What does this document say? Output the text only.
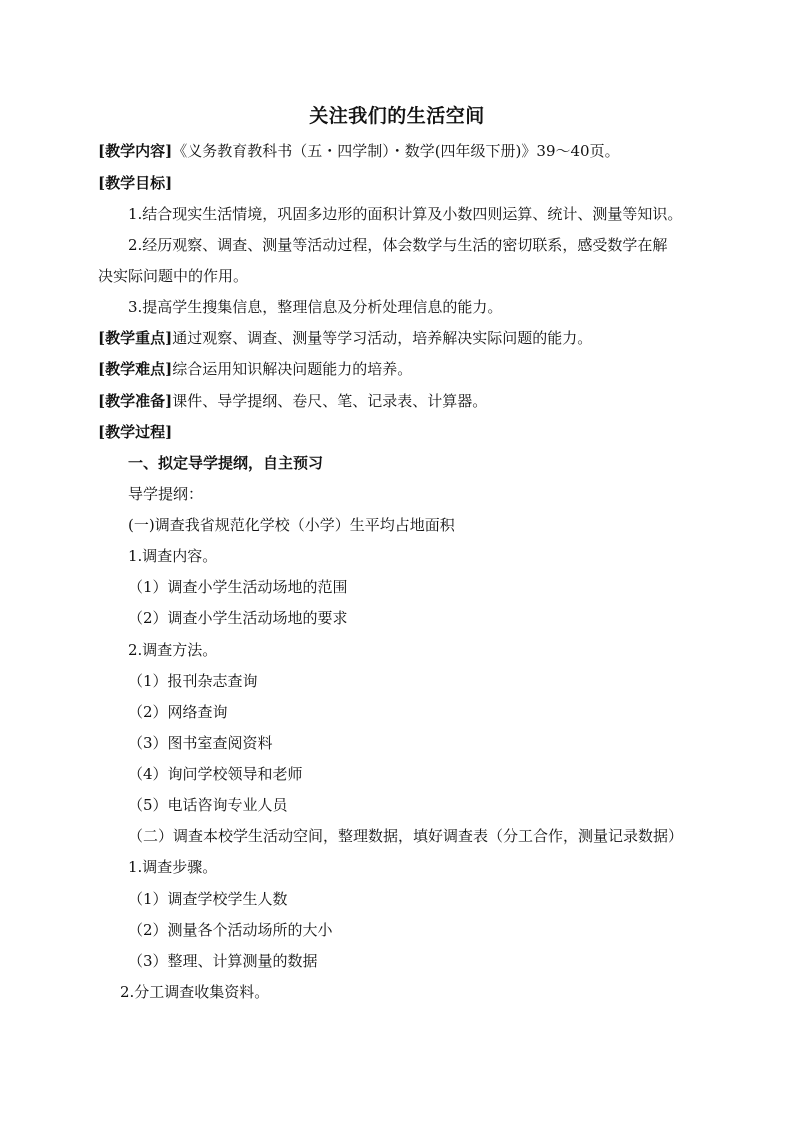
关注我们的生活空间
[教学内容]《义务教育教科书（五・四学制）・数学(四年级下册)》39～40页。
[教学目标]
1.结合现实生活情境，巩固多边形的面积计算及小数四则运算、统计、测量等知识。
2.经历观察、调查、测量等活动过程，体会数学与生活的密切联系，感受数学在解
决实际问题中的作用。
3.提高学生搜集信息，整理信息及分析处理信息的能力。
[教学重点]通过观察、调查、测量等学习活动，培养解决实际问题的能力。
[教学难点]综合运用知识解决问题能力的培养。
[教学准备]课件、导学提纲、卷尺、笔、记录表、计算器。
[教学过程]
一、拟定导学提纲，自主预习
导学提纲：
(一)调查我省规范化学校（小学）生平均占地面积
1.调查内容。
（1）调查小学生活动场地的范围
（2）调查小学生活动场地的要求
2.调查方法。
（1）报刊杂志查询
（2）网络查询
（3）图书室查阅资料
（4）询问学校领导和老师
（5）电话咨询专业人员
（二）调查本校学生活动空间，整理数据，填好调查表（分工合作，测量记录数据）
1.调查步骤。
（1）调查学校学生人数
（2）测量各个活动场所的大小
（3）整理、计算测量的数据
2.分工调查收集资料。
